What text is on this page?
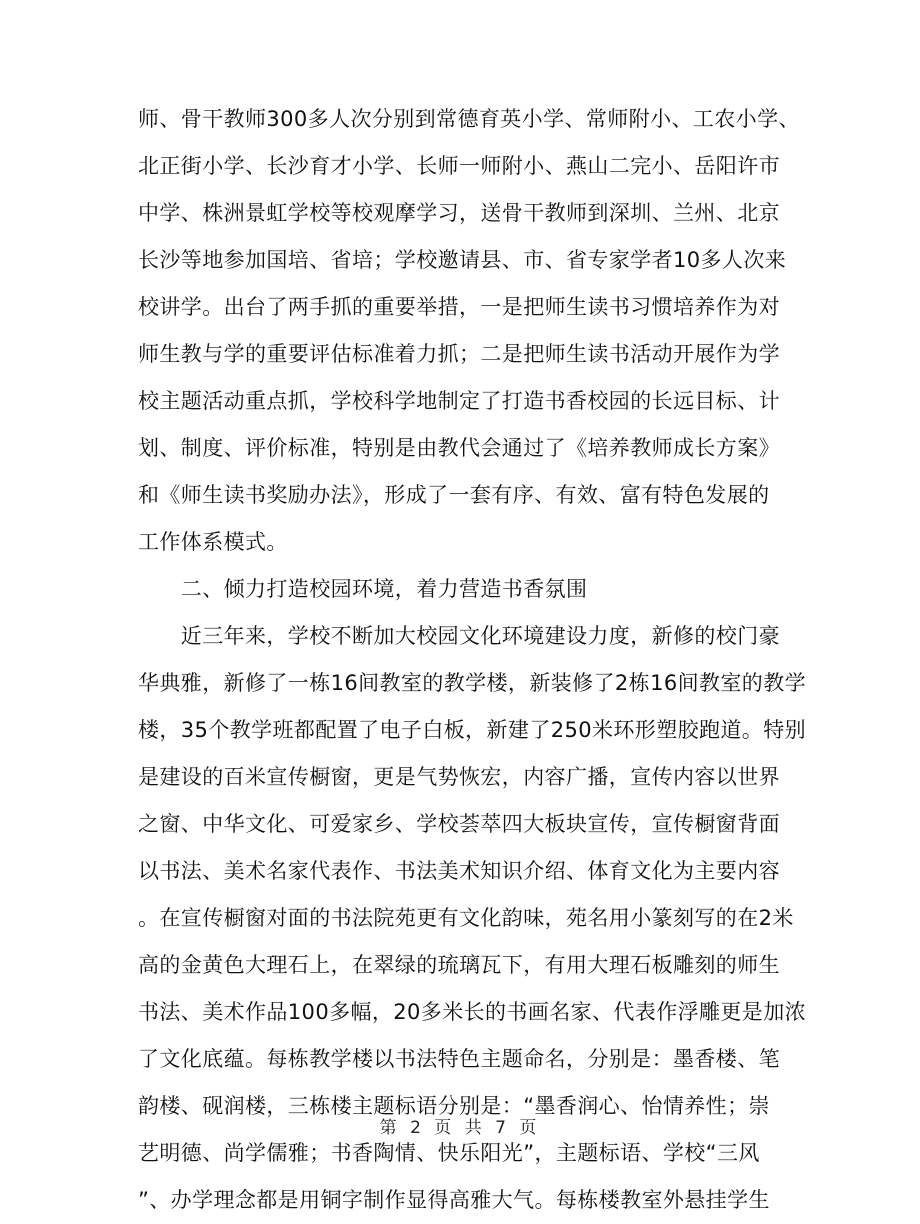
师、骨干教师300多人次分别到常德育英小学、常师附小、工农小学、
北正街小学、长沙育才小学、长师一师附小、燕山二完小、岳阳许市
中学、株洲景虹学校等校观摩学习，送骨干教师到深圳、兰州、北京
长沙等地参加国培、省培；学校邀请县、市、省专家学者10多人次来
校讲学。出台了两手抓的重要举措，一是把师生读书习惯培养作为对
师生教与学的重要评估标准着力抓；二是把师生读书活动开展作为学
校主题活动重点抓，学校科学地制定了打造书香校园的长远目标、计
划、制度、评价标准，特别是由教代会通过了《培养教师成长方案》
和《师生读书奖励办法》，形成了一套有序、有效、富有特色发展的
工作体系模式。
　　二、倾力打造校园环境，着力营造书香氛围
　　近三年来，学校不断加大校园文化环境建设力度，新修的校门豪
华典雅，新修了一栋16间教室的教学楼，新装修了2栋16间教室的教学
楼，35个教学班都配置了电子白板，新建了250米环形塑胶跑道。特别
是建设的百米宣传橱窗，更是气势恢宏，内容广播，宣传内容以世界
之窗、中华文化、可爱家乡、学校荟萃四大板块宣传，宣传橱窗背面
以书法、美术名家代表作、书法美术知识介绍、体育文化为主要内容
。在宣传橱窗对面的书法院苑更有文化韵味，苑名用小篆刻写的在2米
高的金黄色大理石上，在翠绿的琉璃瓦下，有用大理石板雕刻的师生
书法、美术作品100多幅，20多米长的书画名家、代表作浮雕更是加浓
了文化底蕴。每栋教学楼以书法特色主题命名，分别是：墨香楼、笔
韵楼、砚润楼，三栋楼主题标语分别是：“墨香润心、怡情养性；崇
艺明德、尚学儒雅；书香陶情、快乐阳光”，主题标语、学校“三风
”、办学理念都是用铜字制作显得高雅大气。每栋楼教室外悬挂学生
第 2 页 共 7 页
